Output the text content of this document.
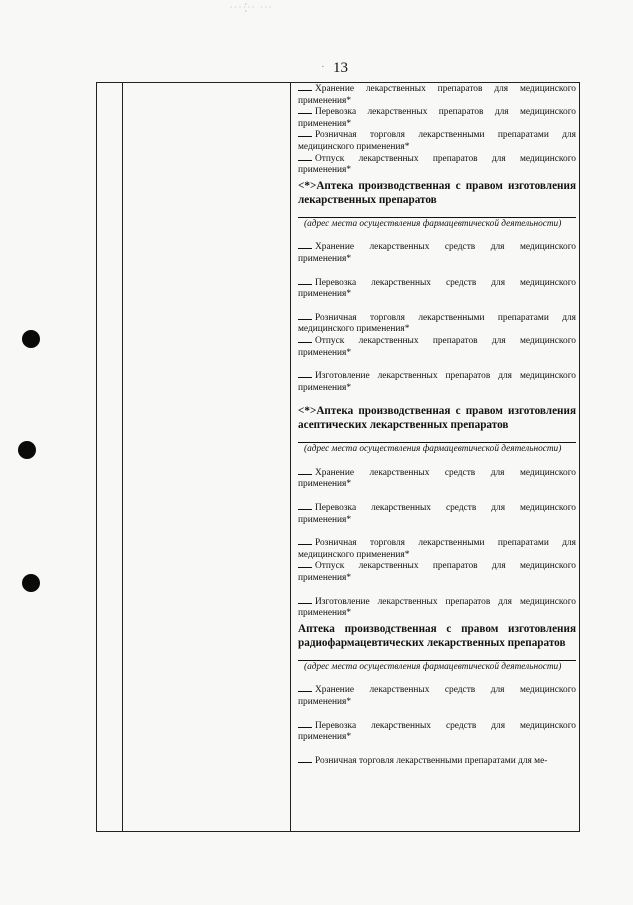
∙∙·∙̥̊∙∙ ∙∙∙
· 13

Хранение лекарственных препаратов для медицинского применения*

Перевозка лекарственных препаратов для медицинского применения*

Розничная торговля лекарственными препаратами для медицинского применения*

Отпуск лекарственных препаратов для медицинского применения*

<*>Аптека производственная с правом изготовления лекарственных препаратов

(адрес места осуществления фармацевтической деятельности)

Хранение лекарственных средств для медицинского применения*

Перевозка лекарственных средств для медицинского применения*

Розничная торговля лекарственными препаратами для медицинского применения*

Отпуск лекарственных препаратов для медицинского применения*

Изготовление лекарственных препаратов для медицинского применения*

<*>Аптека производственная с правом изготовления асептических лекарственных препаратов

(адрес места осуществления фармацевтической деятельности)

Хранение лекарственных средств для медицинского применения*

Перевозка лекарственных средств для медицинского применения*

Розничная торговля лекарственными препаратами для медицинского применения*

Отпуск лекарственных препаратов для медицинского применения*

Изготовление лекарственных препаратов для медицинского применения*

Аптека производственная с правом изготовления радиофармацевтических лекарственных препаратов

(адрес места осуществления фармацевтической деятельности)

Хранение лекарственных средств для медицинского применения*

Перевозка лекарственных средств для медицинского применения*

Розничная торговля лекарственными препаратами для ме-
